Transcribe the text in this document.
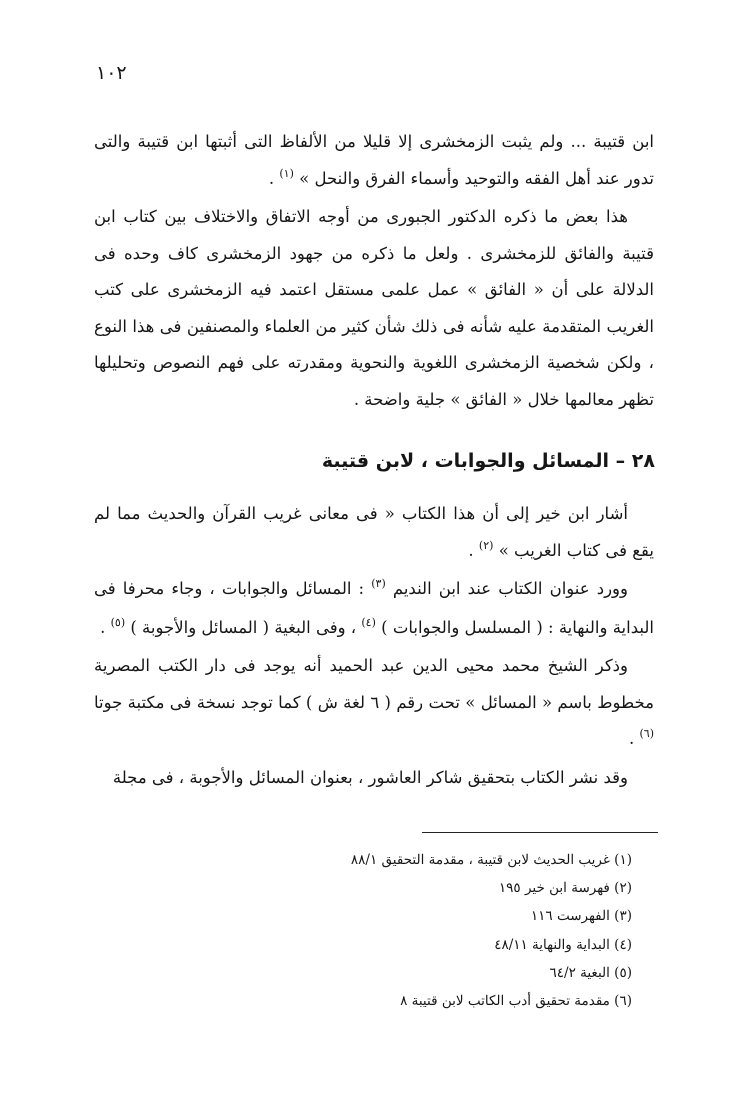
١٠٢

ابن قتيبة ... ولم يثبت الزمخشرى إلا قليلا من الألفاظ التى أثبتها ابن قتيبة والتى تدور عند أهل الفقه والتوحيد وأسماء الفرق والنحل » $^{(١)}$ .

هذا بعض ما ذكره الدكتور الجبورى من أوجه الاتفاق والاختلاف بين كتاب ابن قتيبة والفائق للزمخشرى . ولعل ما ذكره من جهود الزمخشرى كاف وحده فى الدلالة على أن « الفائق » عمل علمى مستقل اعتمد فيه الزمخشرى على كتب الغريب المتقدمة عليه شأنه فى ذلك شأن كثير من العلماء والمصنفين فى هذا النوع ، ولكن شخصية الزمخشرى اللغوية والنحوية ومقدرته على فهم النصوص وتحليلها تظهر معالمها خلال « الفائق » جلية واضحة .

٢٨ – المسائل والجوابات ، لابن قتيبة

أشار ابن خير إلى أن هذا الكتاب « فى معانى غريب القرآن والحديث مما لم يقع فى كتاب الغريب » $^{(٢)}$ .

وورد عنوان الكتاب عند ابن النديم $^{(٣)}$ : المسائل والجوابات ، وجاء محرفا فى البداية والنهاية : ( المسلسل والجوابات ) $^{(٤)}$ ، وفى البغية ( المسائل والأجوبة ) $^{(٥)}$ .

وذكر الشيخ محمد محيى الدين عبد الحميد أنه يوجد فى دار الكتب المصرية مخطوط باسم « المسائل » تحت رقم ( ٦ لغة ش ) كما توجد نسخة فى مكتبة جوتا $^{(٦)}$ .

وقد نشر الكتاب بتحقيق شاكر العاشور ، بعنوان المسائل والأجوبة ، فى مجلة

(١) غريب الحديث لابن قتيبة ، مقدمة التحقيق ٨٨/١
(٢) فهرسة ابن خير ١٩٥
(٣) الفهرست ١١٦
(٤) البداية والنهاية ٤٨/١١
(٥) البغية ٦٤/٢
(٦) مقدمة تحقيق أدب الكاتب لابن قتيبة ٨
